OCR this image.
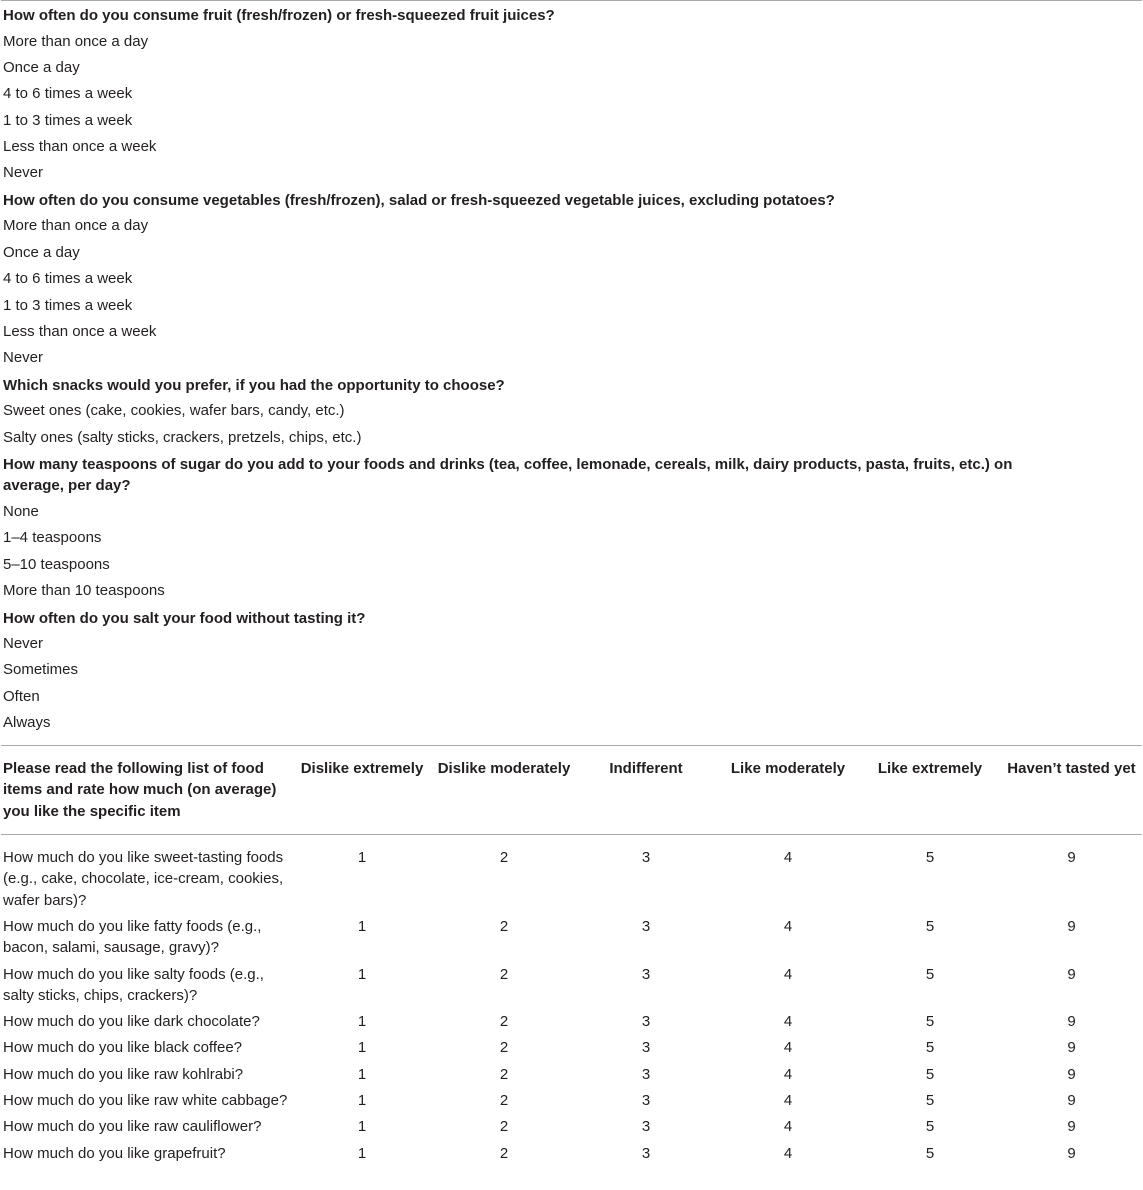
How often do you consume fruit (fresh/frozen) or fresh-squeezed fruit juices?
More than once a day
Once a day
4 to 6 times a week
1 to 3 times a week
Less than once a week
Never
How often do you consume vegetables (fresh/frozen), salad or fresh-squeezed vegetable juices, excluding potatoes?
More than once a day
Once a day
4 to 6 times a week
1 to 3 times a week
Less than once a week
Never
Which snacks would you prefer, if you had the opportunity to choose?
Sweet ones (cake, cookies, wafer bars, candy, etc.)
Salty ones (salty sticks, crackers, pretzels, chips, etc.)
How many teaspoons of sugar do you add to your foods and drinks (tea, coffee, lemonade, cereals, milk, dairy products, pasta, fruits, etc.) on average, per day?
None
1–4 teaspoons
5–10 teaspoons
More than 10 teaspoons
How often do you salt your food without tasting it?
Never
Sometimes
Often
Always
Please read the following list of food items and rate how much (on average) you like the specific item	Dislike extremely	Dislike moderately	Indifferent	Like moderately	Like extremely	Haven’t tasted yet
How much do you like sweet-tasting foods (e.g., cake, chocolate, ice-cream, cookies, wafer bars)?	1	2	3	4	5	9
How much do you like fatty foods (e.g., bacon, salami, sausage, gravy)?	1	2	3	4	5	9
How much do you like salty foods (e.g., salty sticks, chips, crackers)?	1	2	3	4	5	9
How much do you like dark chocolate?	1	2	3	4	5	9
How much do you like black coffee?	1	2	3	4	5	9
How much do you like raw kohlrabi?	1	2	3	4	5	9
How much do you like raw white cabbage?	1	2	3	4	5	9
How much do you like raw cauliflower?	1	2	3	4	5	9
How much do you like grapefruit?	1	2	3	4	5	9
